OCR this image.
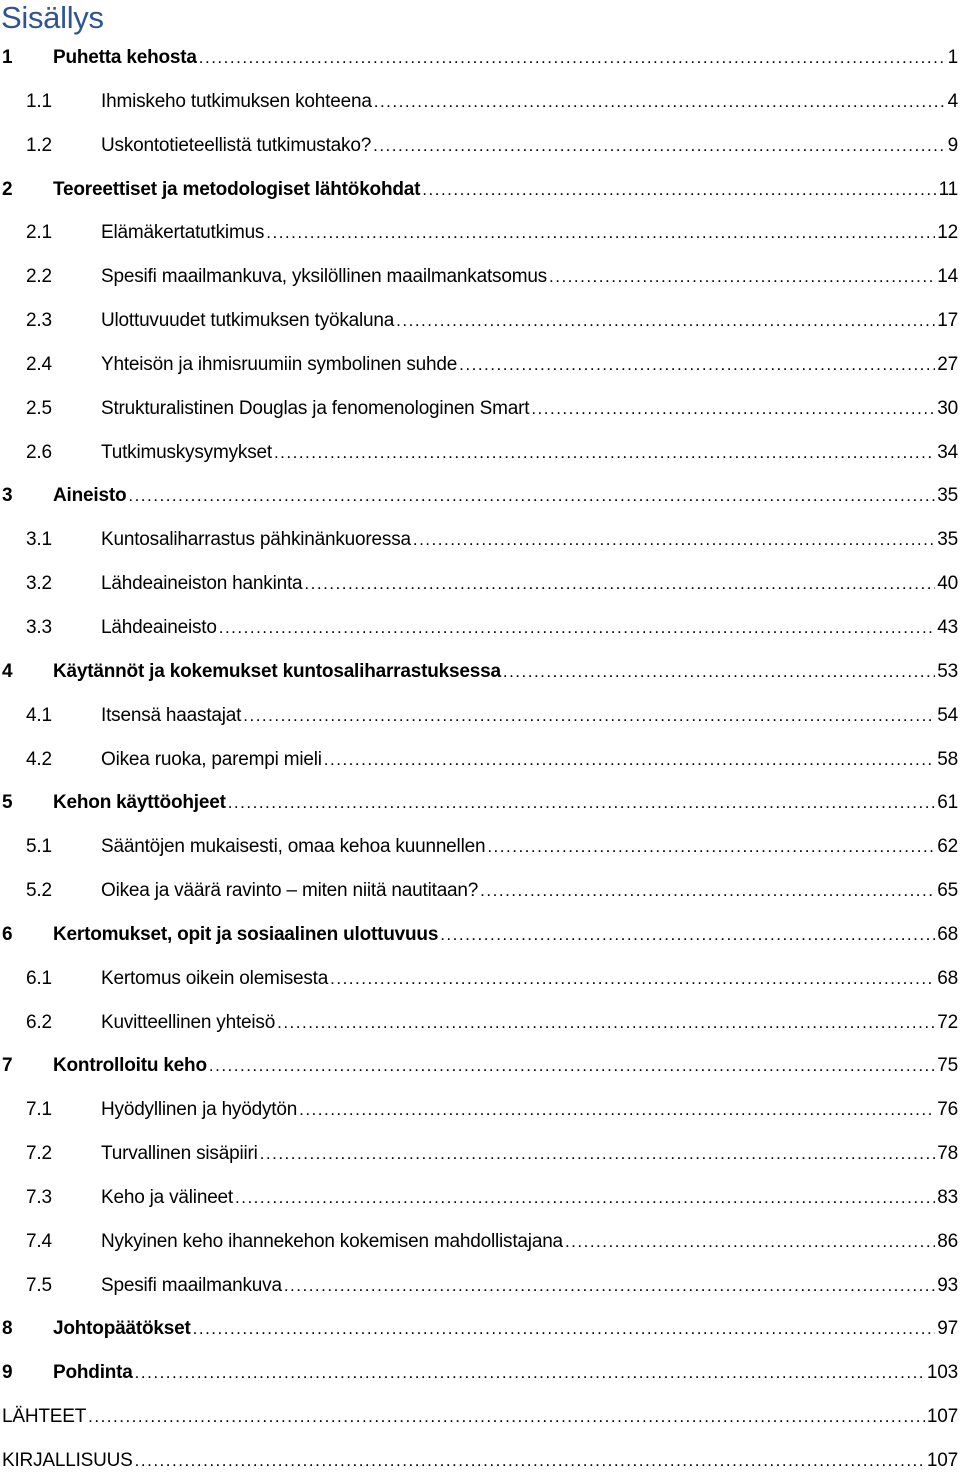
Sisällys
1	Puhetta kehosta .....	1
1.1	Ihmiskeho tutkimuksen kohteena .....	4
1.2	Uskontotieteellistä tutkimustako? .....	9
2	Teoreettiset ja metodologiset lähtökohdat .....	11
2.1	Elämäkertatutkimus .....	12
2.2	Spesifi maailmankuva, yksilöllinen maailmankatsomus .....	14
2.3	Ulottuvuudet tutkimuksen työkaluna .....	17
2.4	Yhteisön ja ihmisruumiin symbolinen suhde .....	27
2.5	Strukturalistinen Douglas ja fenomenologinen Smart .....	30
2.6	Tutkimuskysymykset .....	34
3	Aineisto .....	35
3.1	Kuntosaliharrastus pähkinänkuoressa .....	35
3.2	Lähdeaineiston hankinta .....	40
3.3	Lähdeaineisto .....	43
4	Käytännöt ja kokemukset kuntosaliharrastuksessa .....	53
4.1	Itsensä haastajat .....	54
4.2	Oikea ruoka, parempi mieli .....	58
5	Kehon käyttöohjeet .....	61
5.1	Sääntöjen mukaisesti, omaa kehoa kuunnellen .....	62
5.2	Oikea ja väärä ravinto – miten niitä nautitaan? .....	65
6	Kertomukset, opit ja sosiaalinen ulottuvuus .....	68
6.1	Kertomus oikein olemisesta .....	68
6.2	Kuvitteellinen yhteisö .....	72
7	Kontrolloitu keho .....	75
7.1	Hyödyllinen ja hyödytön .....	76
7.2	Turvallinen sisäpiiri .....	78
7.3	Keho ja välineet .....	83
7.4	Nykyinen keho ihannekehon kokemisen mahdollistajana .....	86
7.5	Spesifi maailmankuva .....	93
8	Johtopäätökset .....	97
9	Pohdinta .....	103
LÄHTEET .....	107
KIRJALLISUUS .....	107
